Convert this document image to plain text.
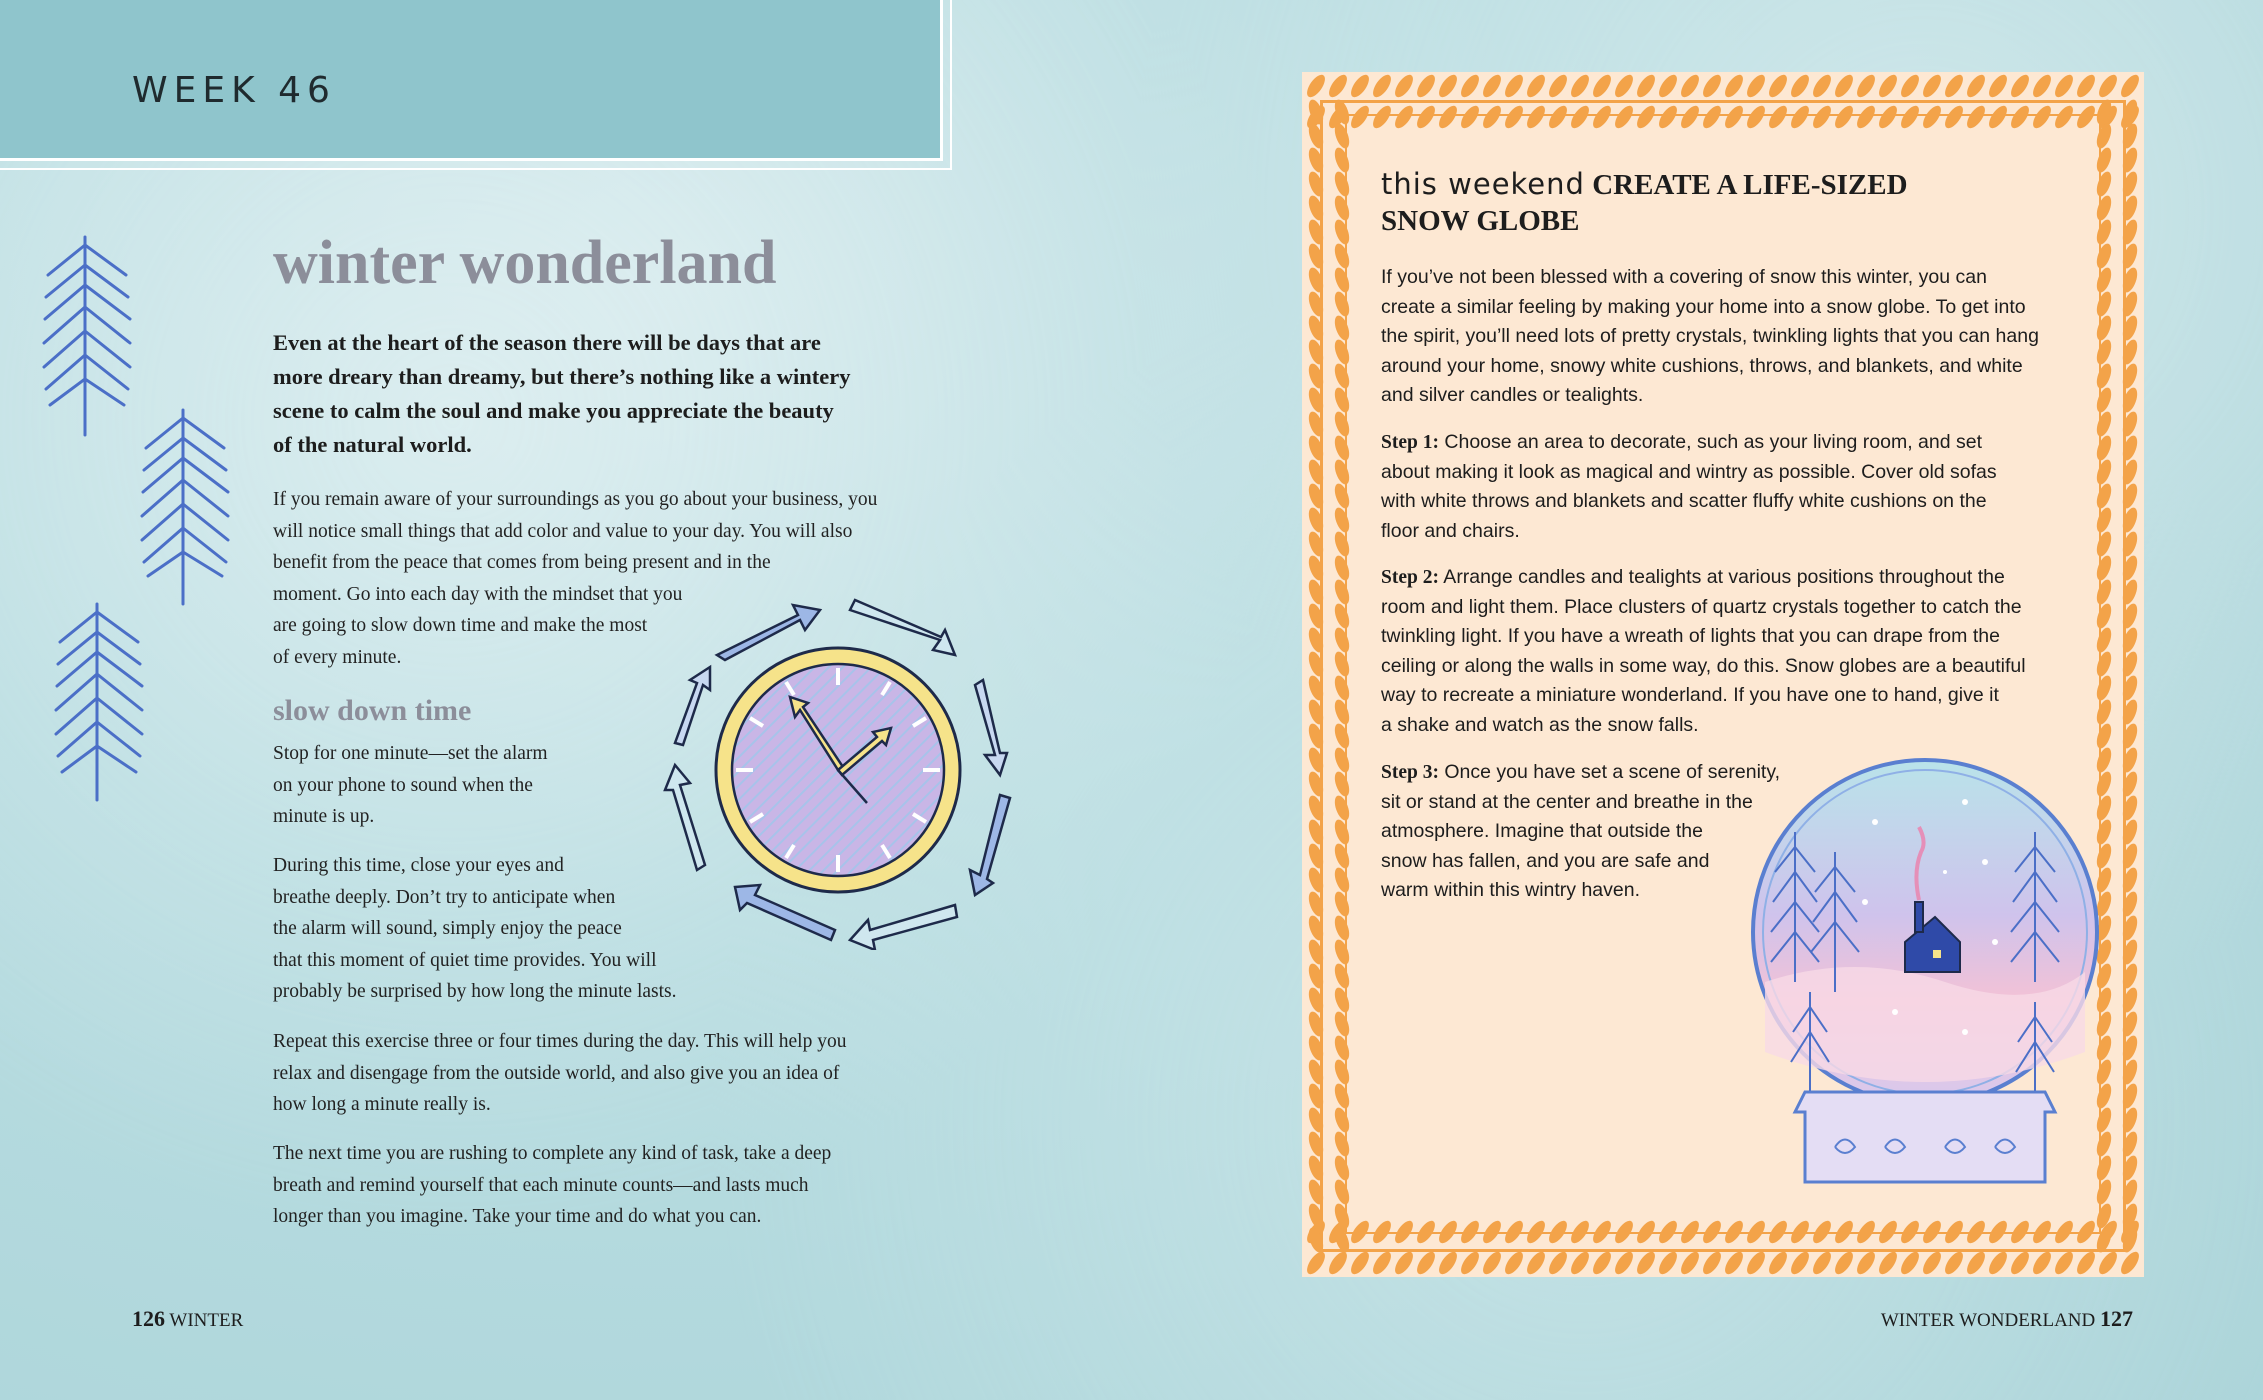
WEEK 46
winter wonderland

Even at the heart of the season there will be days that are
more dreary than dreamy, but there’s nothing like a wintery
scene to calm the soul and make you appreciate the beauty
of the natural world.

If you remain aware of your surroundings as you go about your business, you
will notice small things that add color and value to your day. You will also
benefit from the peace that comes from being present and in the
moment. Go into each day with the mindset that you
are going to slow down time and make the most
of every minute.

slow down time

Stop for one minute—set the alarm
on your phone to sound when the
minute is up.

During this time, close your eyes and
breathe deeply. Don’t try to anticipate when
the alarm will sound, simply enjoy the peace
that this moment of quiet time provides. You will
probably be surprised by how long the minute lasts.

Repeat this exercise three or four times during the day. This will help you
relax and disengage from the outside world, and also give you an idea of
how long a minute really is.

The next time you are rushing to complete any kind of task, take a deep
breath and remind yourself that each minute counts—and lasts much
longer than you imagine. Take your time and do what you can.

126 WINTER
this weekend CREATE A LIFE-SIZED
SNOW GLOBE

If you’ve not been blessed with a covering of snow this winter, you can
create a similar feeling by making your home into a snow globe. To get into
the spirit, you’ll need lots of pretty crystals, twinkling lights that you can hang
around your home, snowy white cushions, throws, and blankets, and white
and silver candles or tealights.

Step 1: Choose an area to decorate, such as your living room, and set
about making it look as magical and wintry as possible. Cover old sofas
with white throws and blankets and scatter fluffy white cushions on the
floor and chairs.

Step 2: Arrange candles and tealights at various positions throughout the
room and light them. Place clusters of quartz crystals together to catch the
twinkling light. If you have a wreath of lights that you can drape from the
ceiling or along the walls in some way, do this. Snow globes are a beautiful
way to recreate a miniature wonderland. If you have one to hand, give it
a shake and watch as the snow falls.

Step 3: Once you have set a scene of serenity,
sit or stand at the center and breathe in the
atmosphere. Imagine that outside the
snow has fallen, and you are safe and
warm within this wintry haven.

WINTER WONDERLAND 127
